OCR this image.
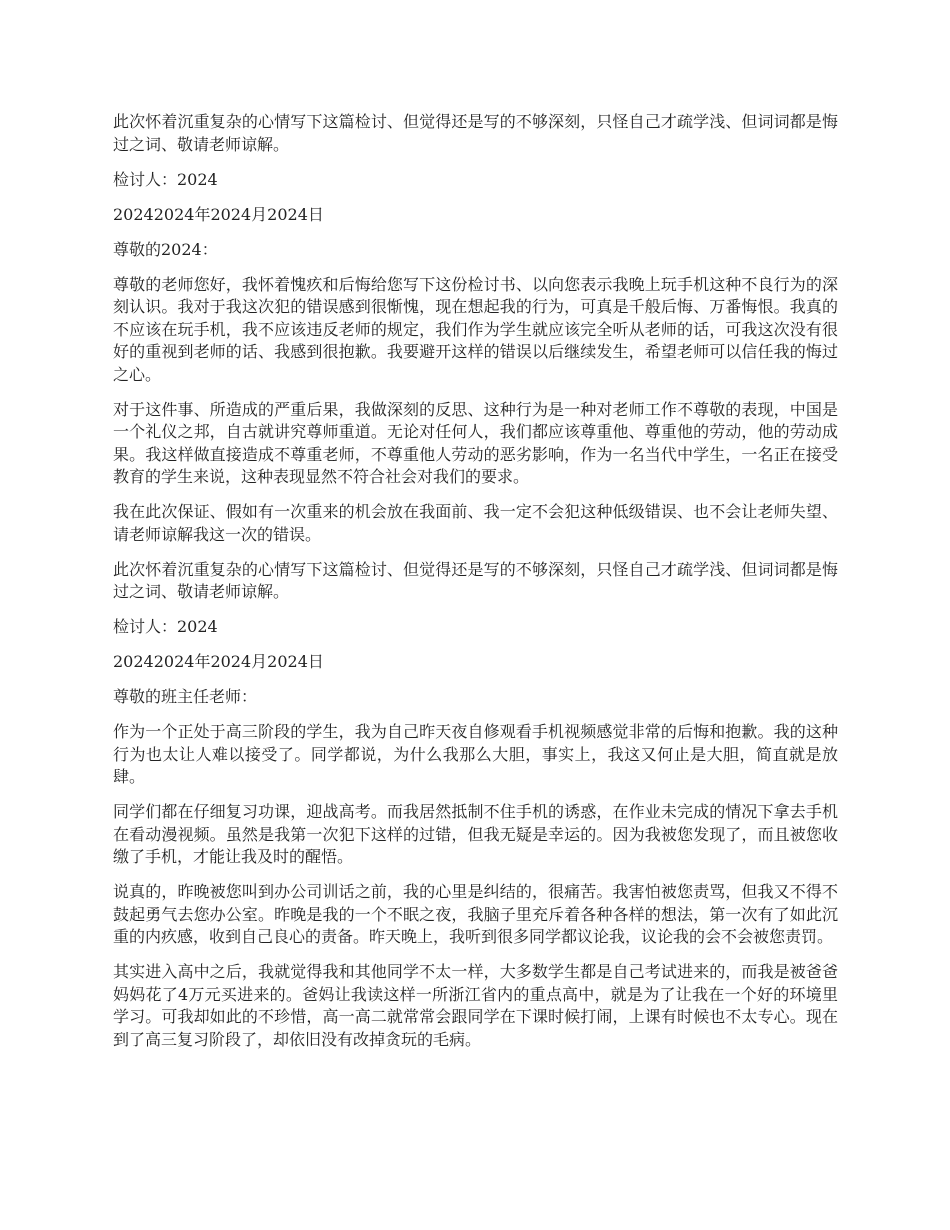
此次怀着沉重复杂的心情写下这篇检讨、但觉得还是写的不够深刻，只怪自己才疏学浅、但词词都是悔过之词、敬请老师谅解。

检讨人：2024

20242024年2024月2024日

尊敬的2024：

尊敬的老师您好，我怀着愧疚和后悔给您写下这份检讨书、以向您表示我晚上玩手机这种不良行为的深刻认识。我对于我这次犯的错误感到很惭愧，现在想起我的行为，可真是千般后悔、万番悔恨。我真的不应该在玩手机，我不应该违反老师的规定，我们作为学生就应该完全听从老师的话，可我这次没有很好的重视到老师的话、我感到很抱歉。我要避开这样的错误以后继续发生，希望老师可以信任我的悔过之心。

对于这件事、所造成的严重后果，我做深刻的反思、这种行为是一种对老师工作不尊敬的表现，中国是一个礼仪之邦，自古就讲究尊师重道。无论对任何人，我们都应该尊重他、尊重他的劳动，他的劳动成果。我这样做直接造成不尊重老师，不尊重他人劳动的恶劣影响，作为一名当代中学生，一名正在接受教育的学生来说，这种表现显然不符合社会对我们的要求。

我在此次保证、假如有一次重来的机会放在我面前、我一定不会犯这种低级错误、也不会让老师失望、请老师谅解我这一次的错误。

此次怀着沉重复杂的心情写下这篇检讨、但觉得还是写的不够深刻，只怪自己才疏学浅、但词词都是悔过之词、敬请老师谅解。

检讨人：2024

20242024年2024月2024日

尊敬的班主任老师：

作为一个正处于高三阶段的学生，我为自己昨天夜自修观看手机视频感觉非常的后悔和抱歉。我的这种行为也太让人难以接受了。同学都说，为什么我那么大胆，事实上，我这又何止是大胆，简直就是放肆。

同学们都在仔细复习功课，迎战高考。而我居然抵制不住手机的诱惑，在作业未完成的情况下拿去手机在看动漫视频。虽然是我第一次犯下这样的过错，但我无疑是幸运的。因为我被您发现了，而且被您收缴了手机，才能让我及时的醒悟。

说真的，昨晚被您叫到办公司训话之前，我的心里是纠结的，很痛苦。我害怕被您责骂，但我又不得不鼓起勇气去您办公室。昨晚是我的一个不眠之夜，我脑子里充斥着各种各样的想法，第一次有了如此沉重的内疚感，收到自己良心的责备。昨天晚上，我听到很多同学都议论我，议论我的会不会被您责罚。

其实进入高中之后，我就觉得我和其他同学不太一样，大多数学生都是自己考试进来的，而我是被爸爸妈妈花了4万元买进来的。爸妈让我读这样一所浙江省内的重点高中，就是为了让我在一个好的环境里学习。可我却如此的不珍惜，高一高二就常常会跟同学在下课时候打闹，上课有时候也不太专心。现在到了高三复习阶段了，却依旧没有改掉贪玩的毛病。
